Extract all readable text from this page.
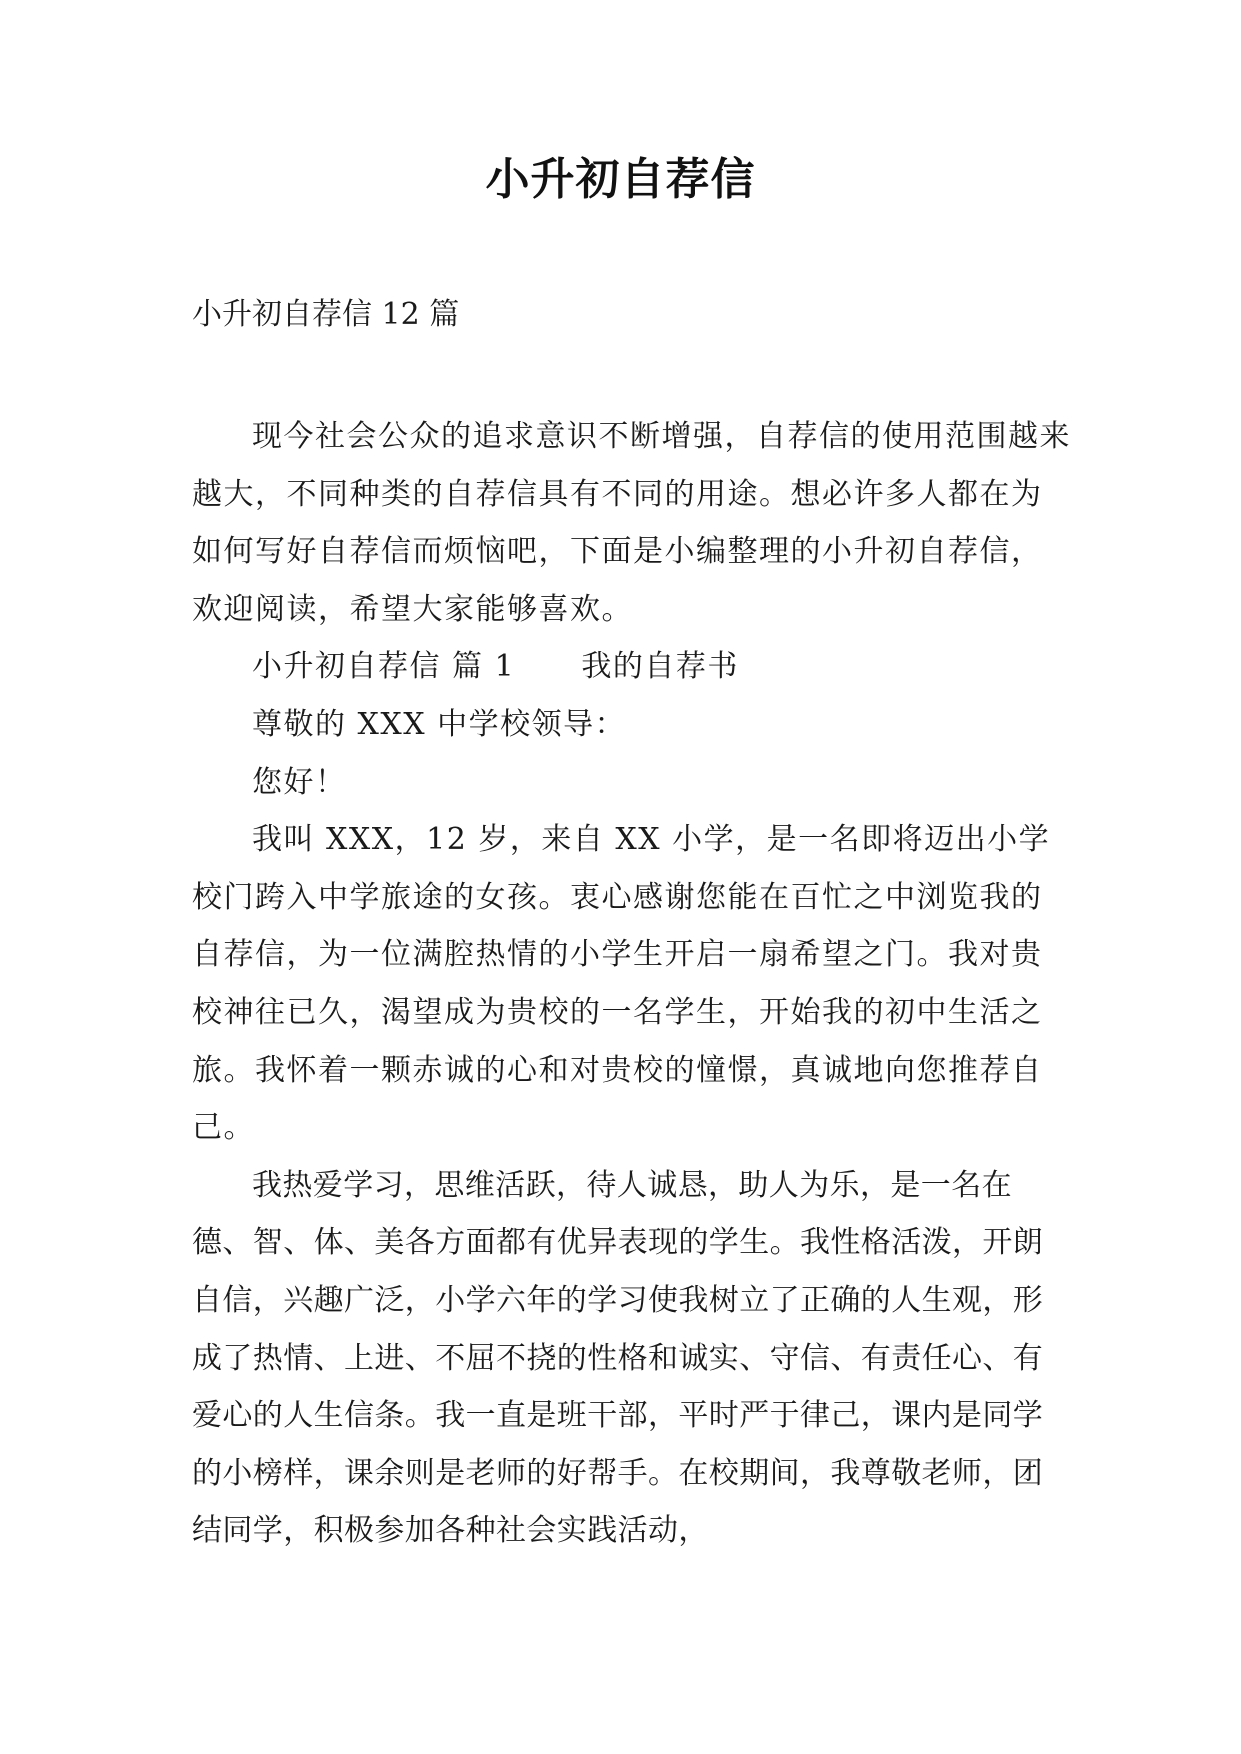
小升初自荐信
小升初自荐信 12 篇

现今社会公众的追求意识不断增强，自荐信的使用范围越来越大，不同种类的自荐信具有不同的用途。想必许多人都在为如何写好自荐信而烦恼吧，下面是小编整理的小升初自荐信，欢迎阅读，希望大家能够喜欢。

小升初自荐信 篇 1      我的自荐书

尊敬的 XXX 中学校领导：

您好！

我叫 XXX，12 岁，来自 XX 小学，是一名即将迈出小学校门跨入中学旅途的女孩。衷心感谢您能在百忙之中浏览我的自荐信，为一位满腔热情的小学生开启一扇希望之门。我对贵校神往已久，渴望成为贵校的一名学生，开始我的初中生活之旅。我怀着一颗赤诚的心和对贵校的憧憬，真诚地向您推荐自己。

我热爱学习，思维活跃，待人诚恳，助人为乐，是一名在德、智、体、美各方面都有优异表现的学生。我性格活泼，开朗自信，兴趣广泛，小学六年的学习使我树立了正确的人生观，形成了热情、上进、不屈不挠的性格和诚实、守信、有责任心、有爱心的人生信条。我一直是班干部，平时严于律己，课内是同学的小榜样，课余则是老师的好帮手。在校期间，我尊敬老师，团结同学，积极参加各种社会实践活动，
